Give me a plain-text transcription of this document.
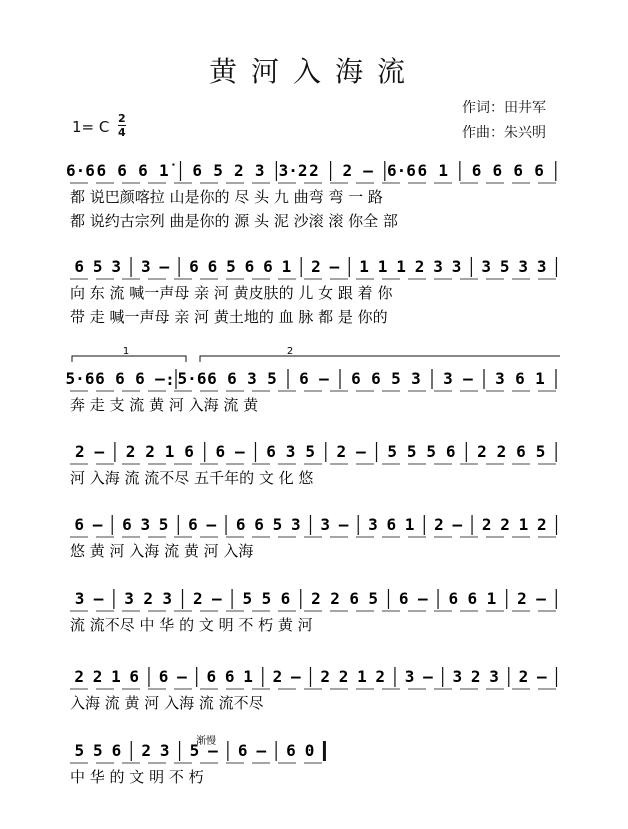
黄河入海流
作词：田井军
作曲：朱兴明
1= C 2
4
6·6 6 6 6 1̇	6 5 2 3 3·2 2 2 – 6·6 6 1 6 6 6 6
都 说巴颜喀拉 山是你的 尽 头 九 曲弯 弯 一 路
都 说约古宗列 曲是你的 源 头 泥 沙滚 滚 你全 部
6 5 3 3 – 6 6 5 6 6 1 2 – 1 1 1 2 3 3 3 5 3 3
向 东 流 喊一声母 亲 河 黄皮肤的 儿 女 跟 着 你
带 走 喊一声母 亲 河 黄土地的 血 脉 都 是 你的
5·6 6 6 6 – : 5·6 6 6 3 5 6 – 6 6 5 3 3 – 3 6 1
奔 走 支 流 黄 河 入海 流 黄
2 – 2 2 1 6 6 – 6 3 5 2 – 5 5 5 6 2 2 6 5
河 入海 流 流不尽 五千年的 文 化 悠
6 – 6 3 5 6 – 6 6 5 3 3 – 3 6 1 2 – 2 2 1 2
悠 黄 河 入海 流 黄 河 入海
3 – 3 2 3 2 – 5 5 6 2 2 6 5 6 – 6 6 1 2 –
流 流不尽 中 华 的 文 明 不 朽 黄 河
2 2 1 6 6 – 6 6 1 2 – 2 2 1 2 3 – 3 2 3 2 –
入海 流 黄 河 入海 流 流不尽
5 5 6 2 3 5 – 6 – 6 0
中 华 的 文 明 不 朽
1	2
渐慢
